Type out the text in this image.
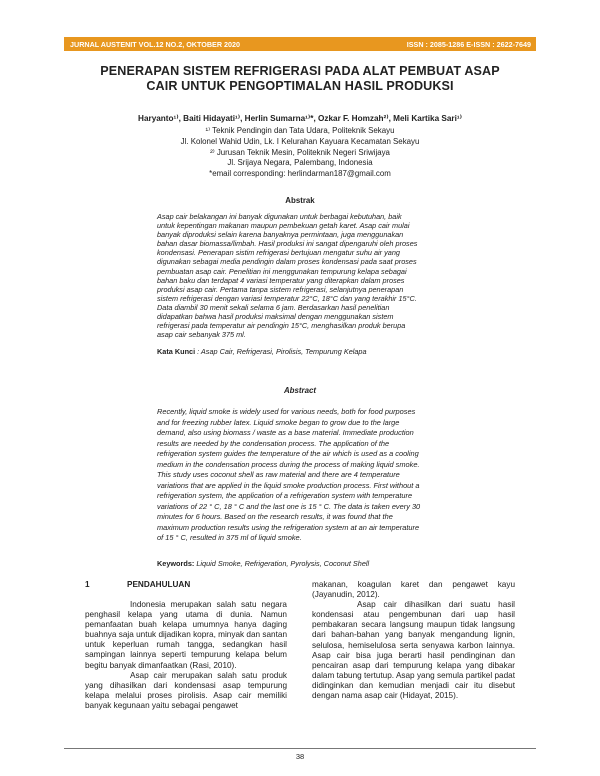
JURNAL AUSTENIT VOL.12 NO.2, OKTOBER 2020	ISSN : 2085-1286 E-ISSN : 2622-7649
PENERAPAN SISTEM REFRIGERASI PADA ALAT PEMBUAT ASAP
CAIR UNTUK PENGOPTIMALAN HASIL PRODUKSI
Haryanto¹⁾, Baiti Hidayati¹⁾, Herlin Sumarna¹⁾*, Ozkar F. Homzah²⁾, Meli Kartika Sari¹⁾
¹⁾ Teknik Pendingin dan Tata Udara, Politeknik Sekayu
Jl. Kolonel Wahid Udin, Lk. I Kelurahan Kayuara Kecamatan Sekayu
²⁾ Jurusan Teknik Mesin, Politeknik Negeri Sriwijaya
Jl. Srijaya Negara, Palembang, Indonesia
*email corresponding: herlindarman187@gmail.com
Abstrak

Asap cair belakangan ini banyak digunakan untuk berbagai kebutuhan, baik
untuk kepentingan makanan maupun pembekuan getah karet. Asap cair mulai
banyak diproduksi selain karena banyaknya permintaan, juga menggunakan
bahan dasar biomassa/limbah. Hasil produksi ini sangat dipengaruhi oleh proses
kondensasi. Penerapan sistim refrigerasi bertujuan mengatur suhu air yang
digunakan sebagai media pendingin dalam proses kondensasi pada saat proses
pembuatan asap cair. Penelitian ini menggunakan tempurung kelapa sebagai
bahan baku dan terdapat 4 variasi temperatur yang diterapkan dalam proses
produksi asap cair. Pertama tanpa sistem refrigerasi, selanjutnya penerapan
sistem refrigerasi dengan variasi temperatur 22°C, 18°C dan yang terakhir 15°C.
Data diambil 30 menit sekali selama 6 jam. Berdasarkan hasil penelitian
didapatkan bahwa hasil produksi maksimal dengan menggunakan sistem
refrigerasi pada temperatur air pendingin 15°C, menghasilkan produk berupa
asap cair sebanyak 375 ml.

Kata Kunci : Asap Cair, Refrigerasi, Pirolisis, Tempurung Kelapa
Abstract

Recently, liquid smoke is widely used for various needs, both for food purposes
and for freezing rubber latex. Liquid smoke began to grow due to the large
demand, also using biomass / waste as a base material. Immediate production
results are needed by the condensation process. The application of the
refrigeration system guides the temperature of the air which is used as a cooling
medium in the condensation process during the process of making liquid smoke.
This study uses coconut shell as raw material and there are 4 temperature
variations that are applied in the liquid smoke production process. First without a
refrigeration system, the application of a refrigeration system with temperature
variations of 22 ° C, 18 ° C and the last one is 15 ° C. The data is taken every 30
minutes for 6 hours. Based on the research results, it was found that the
maximum production results using the refrigeration system at an air temperature
of 15 ° C, resulted in 375 ml of liquid smoke.

Keywords: Liquid Smoke, Refrigeration, Pyrolysis, Coconut Shell
1	PENDAHULUAN

Indonesia merupakan salah satu negara penghasil kelapa yang utama di dunia. Namun pemanfaatan buah kelapa umumnya hanya daging buahnya saja untuk dijadikan kopra, minyak dan santan untuk keperluan rumah tangga, sedangkan hasil sampingan lainnya seperti tempurung kelapa belum begitu banyak dimanfaatkan (Rasi, 2010).

Asap cair merupakan salah satu produk yang dihasilkan dari kondensasi asap tempurung kelapa melalui proses pirolisis. Asap cair memiliki banyak kegunaan yaitu sebagai pengawet

makanan, koagulan karet dan pengawet kayu (Jayanudin, 2012).

Asap cair dihasilkan dari suatu hasil kondensasi atau pengembunan dari uap hasil pembakaran secara langsung maupun tidak langsung dari bahan-bahan yang banyak mengandung lignin, selulosa, hemiselulosa serta senyawa karbon lainnya. Asap cair bisa juga berarti hasil pendinginan dan pencairan asap dari tempurung kelapa yang dibakar dalam tabung tertutup. Asap yang semula partikel padat didinginkan dan kemudian menjadi cair itu disebut dengan nama asap cair (Hidayat, 2015).

38
